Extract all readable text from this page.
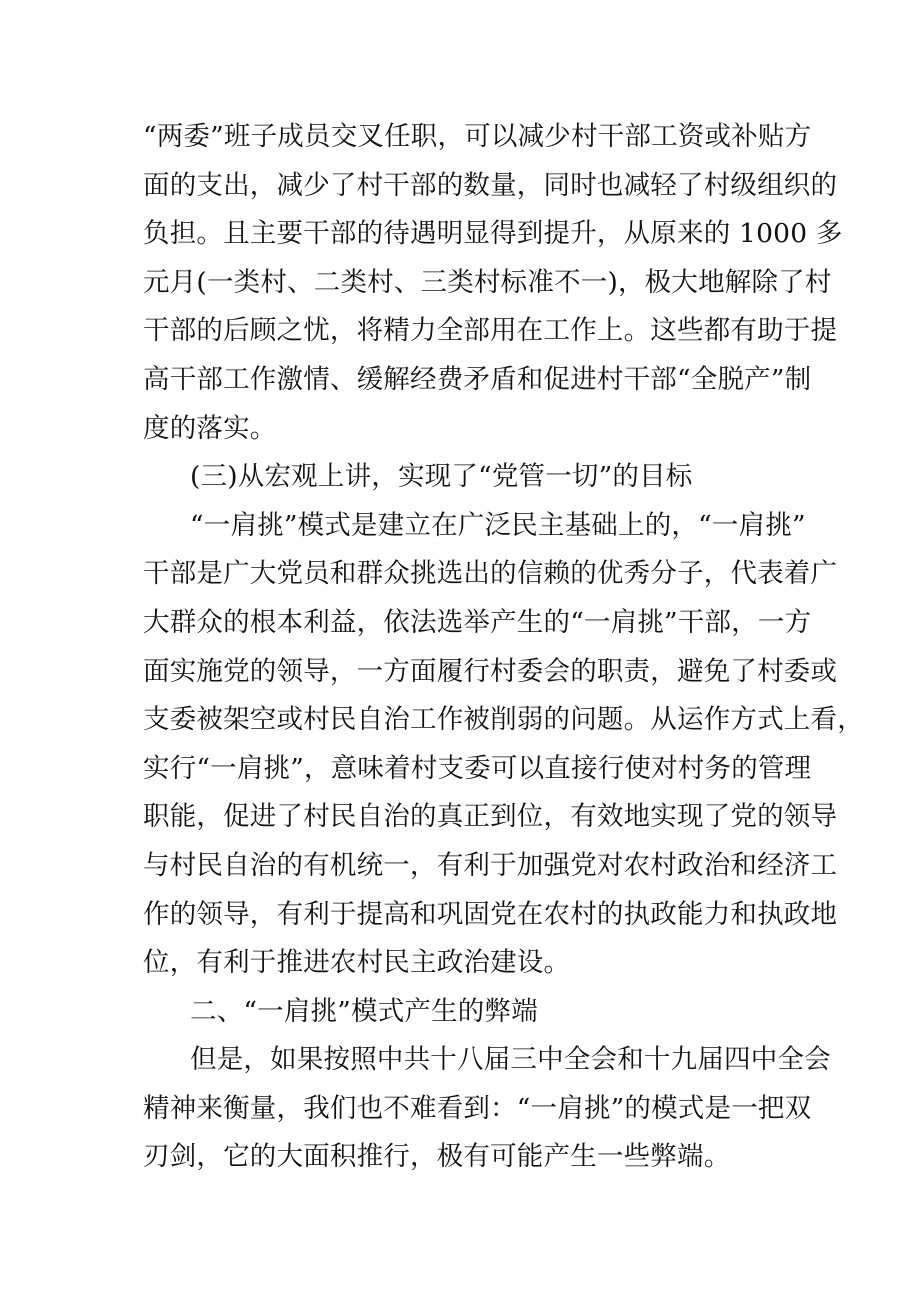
“两委”班子成员交叉任职，可以减少村干部工资或补贴方
面的支出，减少了村干部的数量，同时也减轻了村级组织的
负担。且主要干部的待遇明显得到提升，从原来的 1000 多
元月(一类村、二类村、三类村标准不一)，极大地解除了村
干部的后顾之忧，将精力全部用在工作上。这些都有助于提
高干部工作激情、缓解经费矛盾和促进村干部“全脱产”制
度的落实。
(三)从宏观上讲，实现了“党管一切”的目标
“一肩挑”模式是建立在广泛民主基础上的，“一肩挑”
干部是广大党员和群众挑选出的信赖的优秀分子，代表着广
大群众的根本利益，依法选举产生的“一肩挑”干部，一方
面实施党的领导，一方面履行村委会的职责，避免了村委或
支委被架空或村民自治工作被削弱的问题。从运作方式上看，
实行“一肩挑”，意味着村支委可以直接行使对村务的管理
职能，促进了村民自治的真正到位，有效地实现了党的领导
与村民自治的有机统一，有利于加强党对农村政治和经济工
作的领导，有利于提高和巩固党在农村的执政能力和执政地
位，有利于推进农村民主政治建设。
二、“一肩挑”模式产生的弊端
但是，如果按照中共十八届三中全会和十九届四中全会
精神来衡量，我们也不难看到：“一肩挑”的模式是一把双
刃剑，它的大面积推行，极有可能产生一些弊端。
